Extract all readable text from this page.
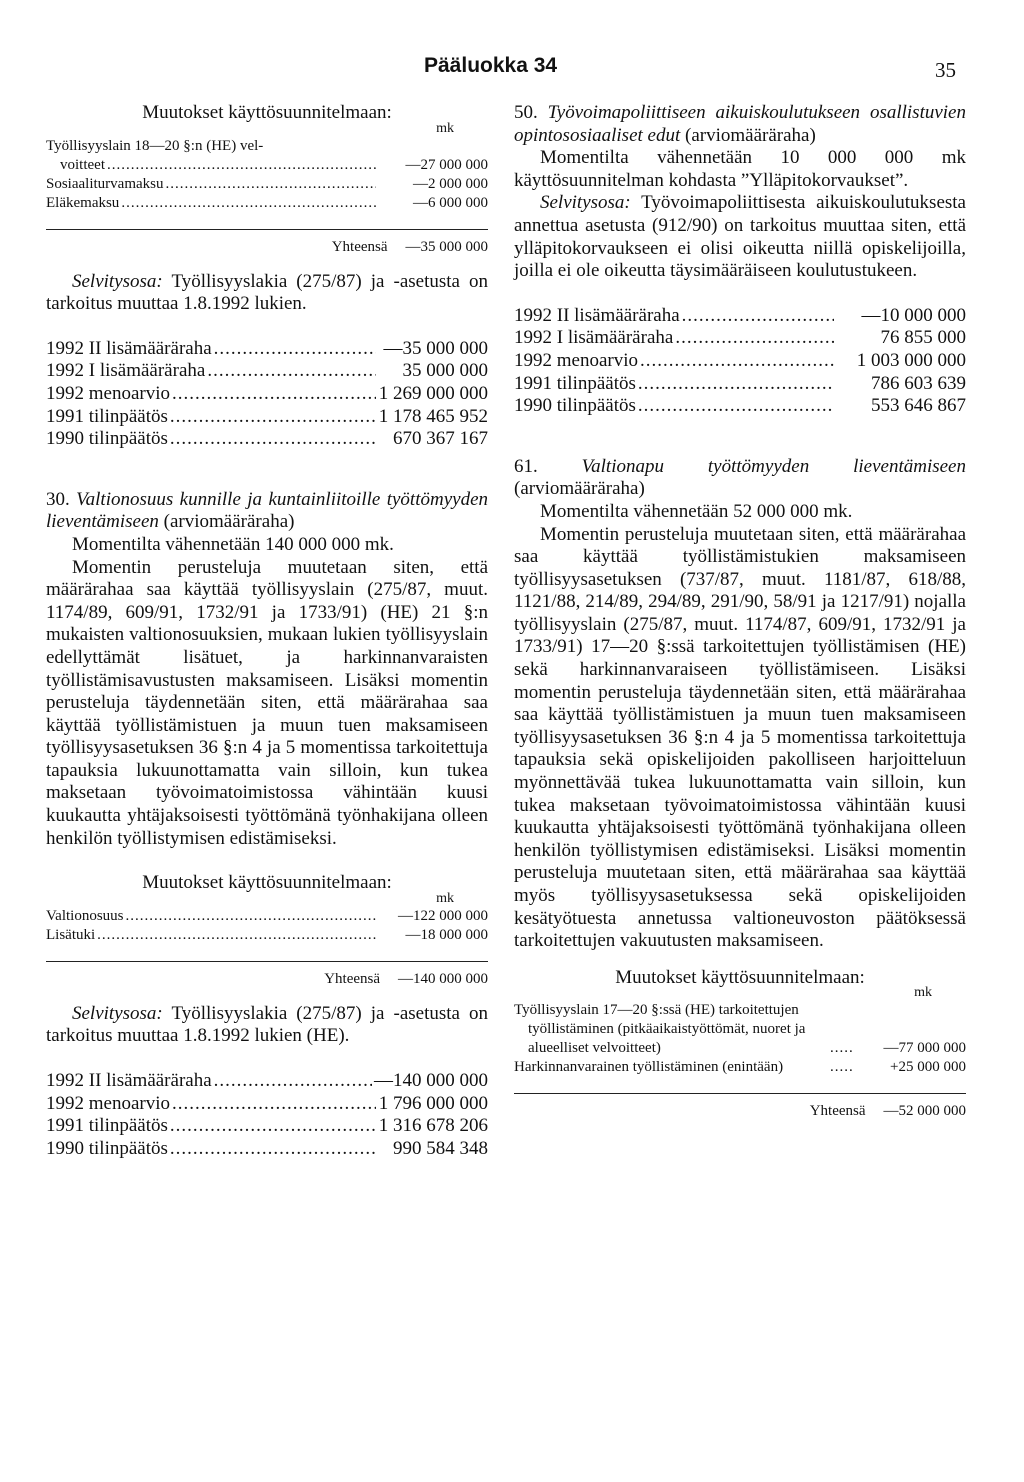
Pääluokka 34	35
Muutokset käyttösuunnitelmaan:
mk
Työllisyyslain 18—20 §:n (HE) vel-
voitteet .....	—27 000 000
Sosiaaliturvamaksu .....	—2 000 000
Eläkemaksu .....	—6 000 000
Yhteensä —35 000 000

Selvitysosa: Työllisyyslakia (275/87) ja -asetusta on tarkoitus muuttaa 1.8.1992 lukien.

1992 II lisämääräraha .....	—35 000 000
1992 I lisämääräraha .....	35 000 000
1992 menoarvio .....	1 269 000 000
1991 tilinpäätös .....	1 178 465 952
1990 tilinpäätös .....	670 367 167

30. Valtionosuus kunnille ja kuntainliitoille työttömyyden lieventämiseen (arviomääräraha)

Momentilta vähennetään 140 000 000 mk.

Momentin perusteluja muutetaan siten, että määrärahaa saa käyttää työllisyyslain (275/87, muut. 1174/89, 609/91, 1732/91 ja 1733/91) (HE) 21 §:n mukaisten valtionosuuksien, mukaan lukien työllisyyslain edellyttämät lisätuet, ja harkinnanvaraisten työllistämisavustusten maksamiseen. Lisäksi momentin perusteluja täydennetään siten, että määrärahaa saa käyttää työllistämistuen ja muun tuen maksamiseen työllisyysasetuksen 36 §:n 4 ja 5 momentissa tarkoitettuja tapauksia lukuunottamatta vain silloin, kun tukea maksetaan työvoimatoimistossa vähintään kuusi kuukautta yhtäjaksoisesti työttömänä työnhakijana olleen henkilön työllistymisen edistämiseksi.

Muutokset käyttösuunnitelmaan:
mk
Valtionosuus .....	—122 000 000
Lisätuki .....	—18 000 000
Yhteensä —140 000 000

Selvitysosa: Työllisyyslakia (275/87) ja -asetusta on tarkoitus muuttaa 1.8.1992 lukien (HE).

1992 II lisämääräraha .....	—140 000 000
1992 menoarvio .....	1 796 000 000
1991 tilinpäätös .....	1 316 678 206
1990 tilinpäätös .....	990 584 348

50. Työvoimapoliittiseen aikuiskoulutukseen osallistuvien opintososiaaliset edut (arviomääräraha)

Momentilta vähennetään 10 000 000 mk käyttösuunnitelman kohdasta ”Ylläpitokorvaukset”.

Selvitysosa: Työvoimapoliittisesta aikuiskoulutuksesta annettua asetusta (912/90) on tarkoitus muuttaa siten, että ylläpitokorvaukseen ei olisi oikeutta niillä opiskelijoilla, joilla ei ole oikeutta täysimääräiseen koulutustukeen.

1992 II lisämääräraha .....	—10 000 000
1992 I lisämääräraha .....	76 855 000
1992 menoarvio .....	1 003 000 000
1991 tilinpäätös .....	786 603 639
1990 tilinpäätös .....	553 646 867

61. Valtionapu työttömyyden lieventämiseen (arviomääräraha)

Momentilta vähennetään 52 000 000 mk.

Momentin perusteluja muutetaan siten, että määrärahaa saa käyttää työllistämistukien maksamiseen työllisyysasetuksen (737/87, muut. 1181/87, 618/88, 1121/88, 214/89, 294/89, 291/90, 58/91 ja 1217/91) nojalla työllisyyslain (275/87, muut. 1174/87, 609/91, 1732/91 ja 1733/91) 17—20 §:ssä tarkoitettujen työllistämisen (HE) sekä harkinnanvaraiseen työllistämiseen. Lisäksi momentin perusteluja täydennetään siten, että määrärahaa saa käyttää työllistämistuen ja muun tuen maksamiseen työllisyysasetuksen 36 §:n 4 ja 5 momentissa tarkoitettuja tapauksia sekä opiskelijoiden pakolliseen harjoitteluun myönnettävää tukea lukuunottamatta vain silloin, kun tukea maksetaan työvoimatoimistossa vähintään kuusi kuukautta yhtäjaksoisesti työttömänä työnhakijana olleen henkilön työllistymisen edistämiseksi. Lisäksi momentin perusteluja muutetaan siten, että määrärahaa saa käyttää myös työllisyysasetuksessa sekä opiskelijoiden kesätyötuesta annetussa valtioneuvoston päätöksessä tarkoitettujen vakuutusten maksamiseen.

Muutokset käyttösuunnitelmaan:
mk
Työllisyyslain 17—20 §:ssä (HE) tarkoitettujen työllistäminen (pitkäaikaistyöttömät, nuoret ja alueelliset velvoitteet) .....	—77 000 000
Harkinnanvarainen työllistäminen (enintään) .....	+25 000 000
Yhteensä —52 000 000
